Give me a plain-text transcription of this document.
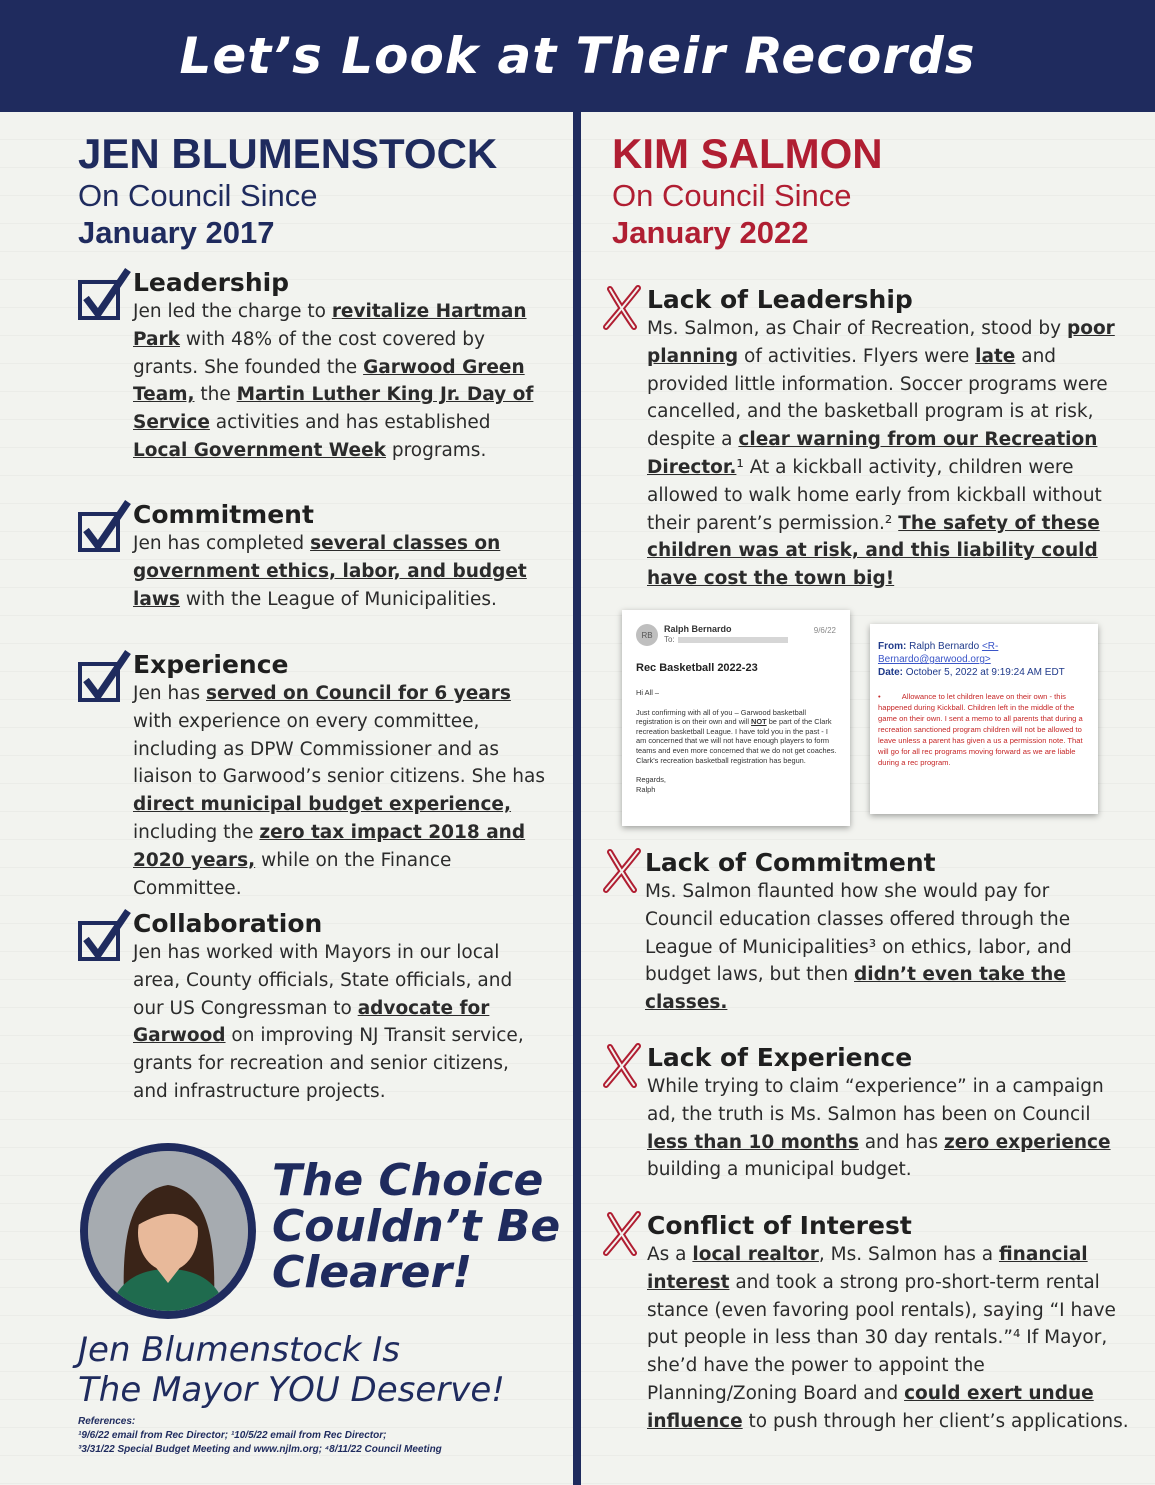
Let’s Look at Their Records
JEN BLUMENSTOCK
On Council Since
January 2017
KIM SALMON
On Council Since
January 2022
Leadership

Jen led the charge to revitalize Hartman Park with 48% of the cost covered by grants. She founded the Garwood Green Team, the Martin Luther King Jr. Day of Service activities and has established Local Government Week programs.

Commitment

Jen has completed several classes on government ethics, labor, and budget laws with the League of Municipalities.

Experience

Jen has served on Council for 6 years with experience on every committee, including as DPW Commissioner and as liaison to Garwood’s senior citizens. She has direct municipal budget experience, including the zero tax impact 2018 and 2020 years, while on the Finance Committee.

Collaboration

Jen has worked with Mayors in our local area, County officials, State officials, and our US Congressman to advocate for Garwood on improving NJ Transit service, grants for recreation and senior citizens, and infrastructure projects.

Lack of Leadership

Ms. Salmon, as Chair of Recreation, stood by poor planning of activities. Flyers were late and provided little information. Soccer programs were cancelled, and the basketball program is at risk, despite a clear warning from our Recreation Director.¹ At a kickball activity, children were allowed to walk home early from kickball without their parent’s permission.² The safety of these children was at risk, and this liability could have cost the town big!

RB
Ralph Bernardo
To:
9/6/22
Rec Basketball 2022-23
Hi All –
Just confirming with all of you – Garwood basketball registration is on their own and will NOT be part of the Clark recreation basketball League. I have told you in the past - I am concerned that we will not have enough players to form teams and even more concerned that we do not get coaches. Clark's recreation basketball registration has begun.
Regards,
Ralph
From: Ralph Bernardo <R-Bernardo@garwood.org>
Date: October 5, 2022 at 9:19:24 AM EDT
•          Allowance to let children leave on their own - this happened during Kickball. Children left in the middle of the game on their own. I sent a memo to all parents that during a recreation sanctioned program children will not be allowed to leave unless a parent has given a us a permission note. That will go for all rec programs moving forward as we are liable during a rec program.
Lack of Commitment

Ms. Salmon flaunted how she would pay for Council education classes offered through the League of Municipalities³ on ethics, labor, and budget laws, but then didn’t even take the classes.

Lack of Experience

While trying to claim “experience” in a campaign ad, the truth is Ms. Salmon has been on Council less than 10 months and has zero experience building a municipal budget.

Conflict of Interest

As a local realtor, Ms. Salmon has a financial interest and took a strong pro-short-term rental stance (even favoring pool rentals), saying “I have put people in less than 30 day rentals.”⁴ If Mayor, she’d have the power to appoint the Planning/Zoning Board and could exert undue influence to push through her client’s applications.

The Choice Couldn’t Be Clearer!
Jen Blumenstock Is
The Mayor YOU Deserve!
References:
¹9/6/22 email from Rec Director; ¹10/5/22 email from Rec Director;
³3/31/22 Special Budget Meeting and www.njlm.org; ⁴8/11/22 Council Meeting
